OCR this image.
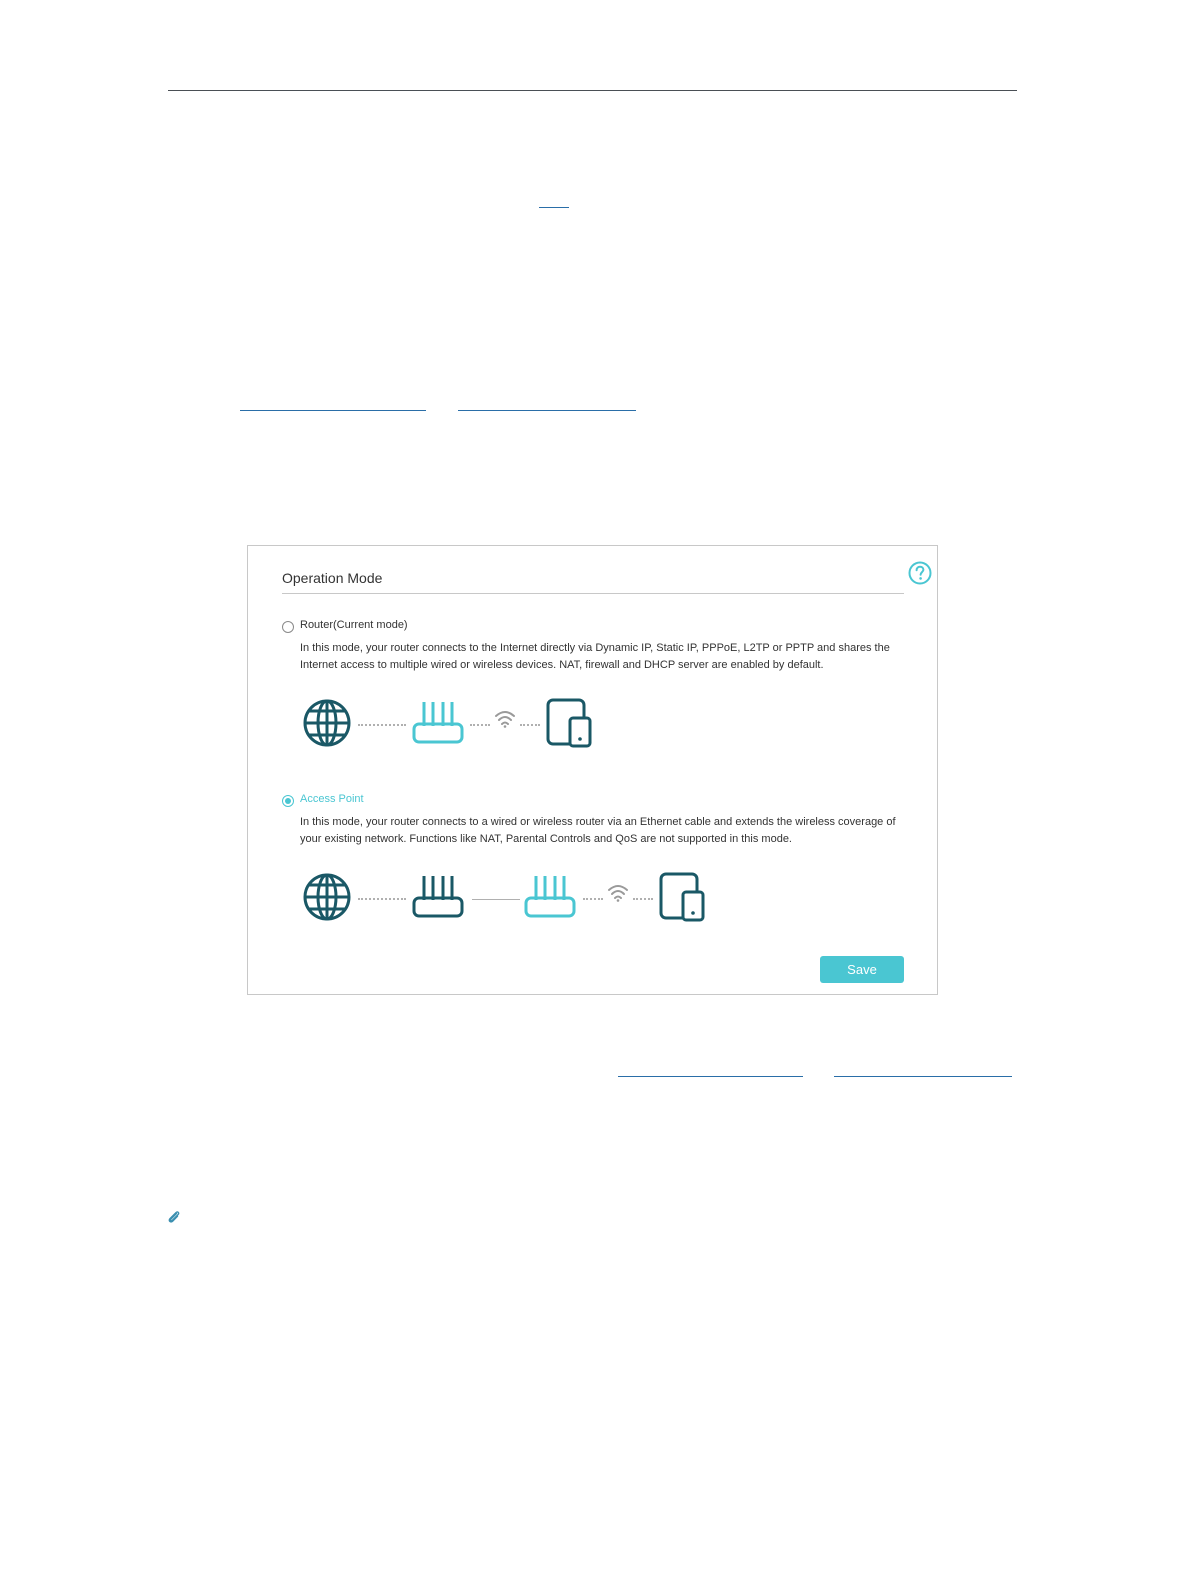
Operation Mode
Router(Current mode)
In this mode, your router connects to the Internet directly via Dynamic IP, Static IP, PPPoE, L2TP or PPTP and shares the Internet access to multiple wired or wireless devices. NAT, firewall and DHCP server are enabled by default.
Access Point
In this mode, your router connects to a wired or wireless router via an Ethernet cable and extends the wireless coverage of your existing network. Functions like NAT, Parental Controls and QoS are not supported in this mode.
Save
